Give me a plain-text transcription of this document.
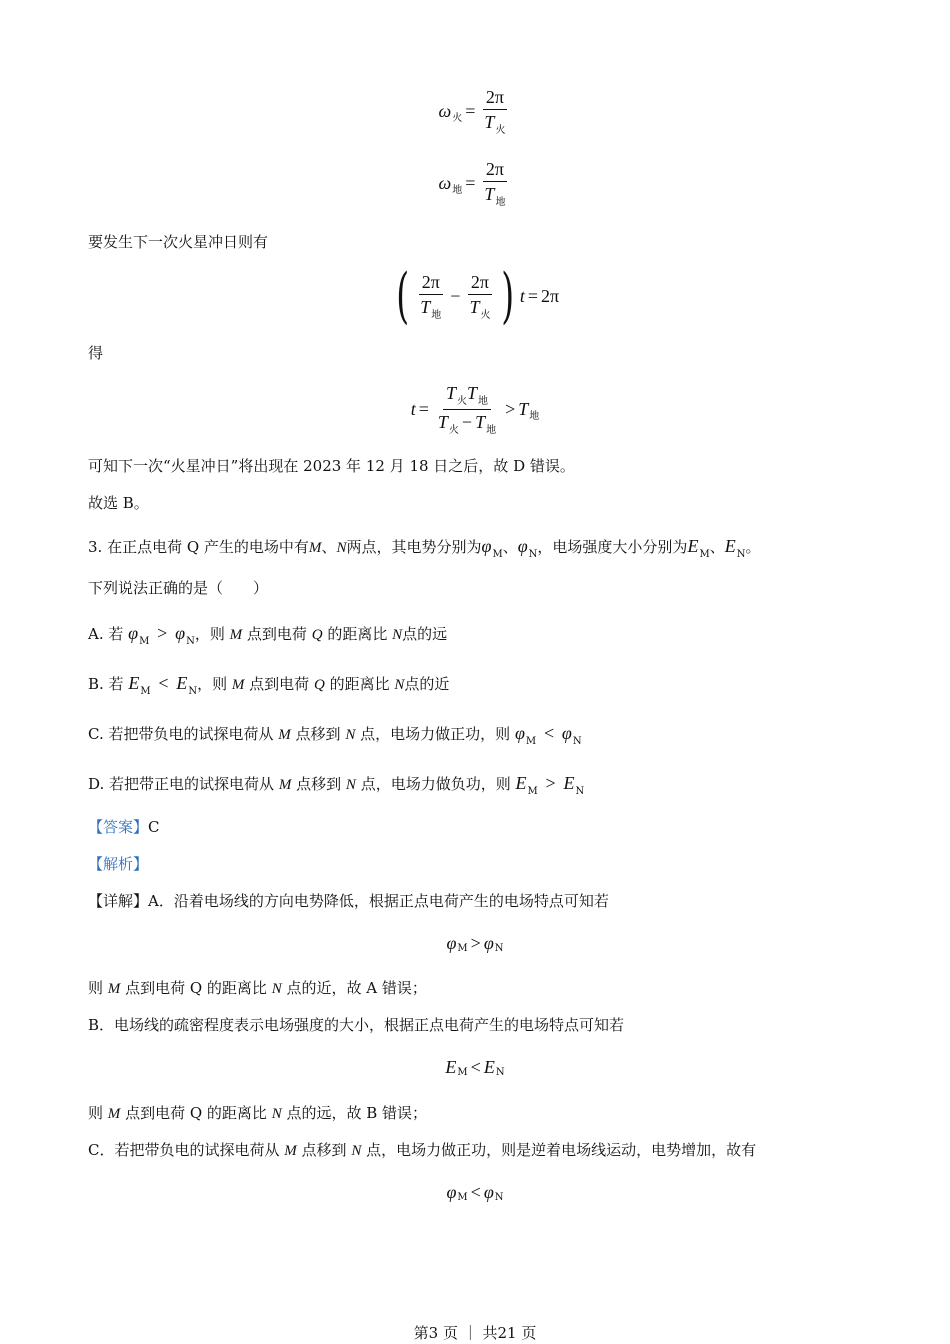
ω 火 = $\frac{2\pi}{T_火}$
ω 地 = $\frac{2\pi}{T_地}$
要发生下一次火星冲日则有
( $\frac{2\pi}{T_地} - \frac{2\pi}{T_火}$ ) t = 2π
得
$t = \frac{T_火T_地}{T_火 - T_地} > T$ 地
可知下一次“火星冲日”将出现在 2023 年 12 月 18 日之后，故 D 错误。
故选 B。
3. 在正点电荷 Q 产生的电场中有M、N两点，其电势分别为$\varphi_M$、$\varphi_N$，电场强度大小分别为$E_M$、$E_N$。
下列说法正确的是（　　）
A. 若 $\varphi_M > \varphi_N$，则 M 点到电荷 Q 的距离比 N点的远
B. 若 $E_M < E_N$，则 M 点到电荷 Q 的距离比 N点的近
C. 若把带负电的试探电荷从 M 点移到 N 点，电场力做正功，则 $\varphi_M < \varphi_N$
D. 若把带正电的试探电荷从 M 点移到 N 点，电场力做负功，则 $E_M > E_N$
【答案】C
【解析】
【详解】A．沿着电场线的方向电势降低，根据正点电荷产生的电场特点可知若
φ M > φ N
则 M 点到电荷 Q 的距离比 N 点的近，故 A 错误；
B．电场线的疏密程度表示电场强度的大小，根据正点电荷产生的电场特点可知若
E M < E N
则 M 点到电荷 Q 的距离比 N 点的远，故 B 错误；
C．若把带负电的试探电荷从 M 点移到 N 点，电场力做正功，则是逆着电场线运动，电势增加，故有
φ M < φ N
第3 页 ｜ 共21 页
